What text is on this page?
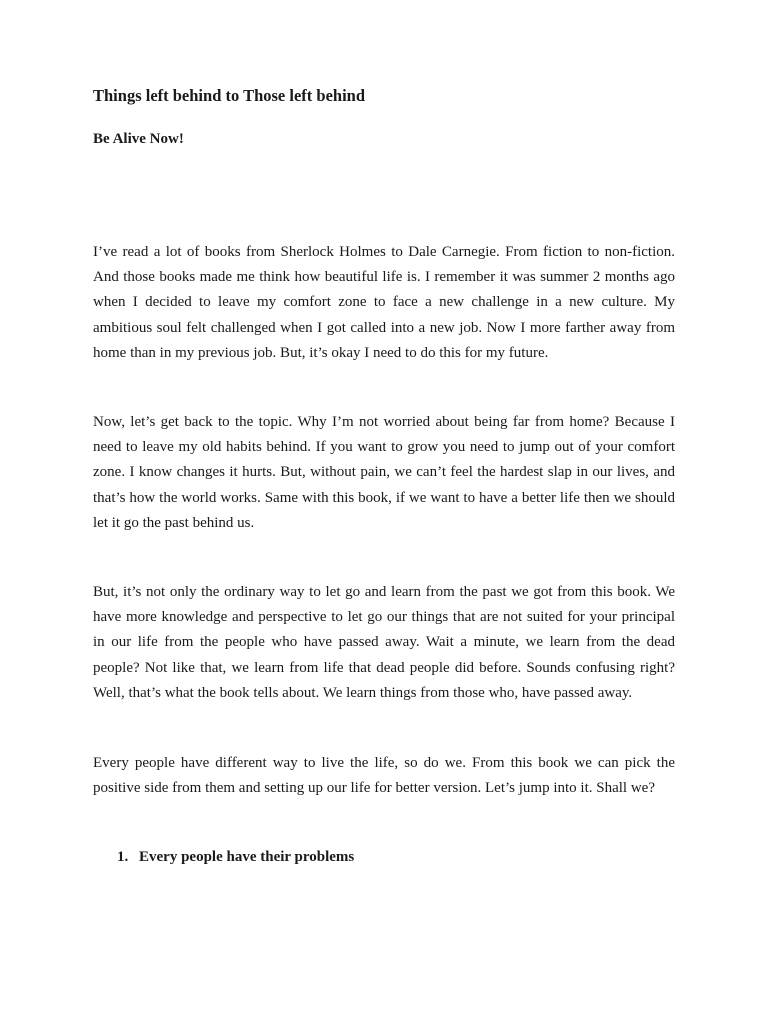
Things left behind to Those left behind
Be Alive Now!

I’ve read a lot of books from Sherlock Holmes to Dale Carnegie. From fiction to non-fiction. And those books made me think how beautiful life is. I remember it was summer 2 months ago when I decided to leave my comfort zone to face a new challenge in a new culture. My ambitious soul felt challenged when I got called into a new job. Now I more farther away from home than in my previous job. But, it’s okay I need to do this for my future.

Now, let’s get back to the topic. Why I’m not worried about being far from home? Because I need to leave my old habits behind. If you want to grow you need to jump out of your comfort zone. I know changes it hurts. But, without pain, we can’t feel the hardest slap in our lives, and that’s how the world works. Same with this book, if we want to have a better life then we should let it go the past behind us.

But, it’s not only the ordinary way to let go and learn from the past we got from this book. We have more knowledge and perspective to let go our things that are not suited for your principal in our life from the people who have passed away. Wait a minute, we learn from the dead people? Not like that, we learn from life that dead people did before. Sounds confusing right? Well, that’s what the book tells about. We learn things from those who, have passed away.

Every people have different way to live the life, so do we. From this book we can pick the positive side from them and setting up our life for better version. Let’s jump into it. Shall we?

1. Every people have their problems
